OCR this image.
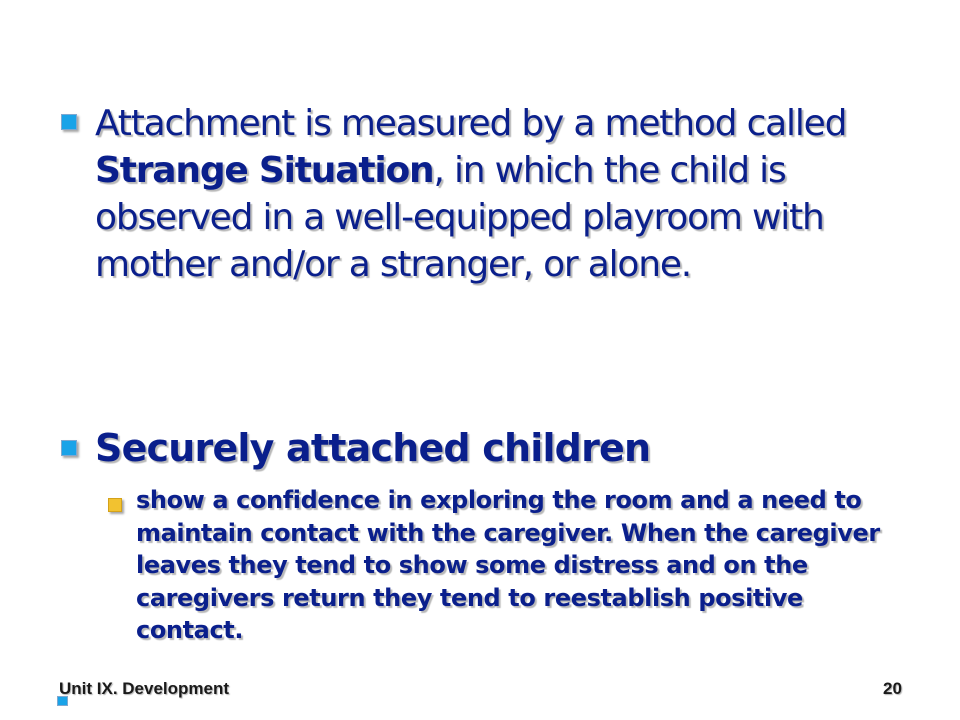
Attachment is measured by a method called Strange Situation, in which the child is observed in a well-equipped playroom with mother and/or a stranger, or alone.

Securely attached children

show a confidence in exploring the room and a need to maintain contact with the caregiver. When the caregiver leaves they tend to show some distress and on the caregivers return they tend to reestablish positive contact.

Unit IX. Development	20
